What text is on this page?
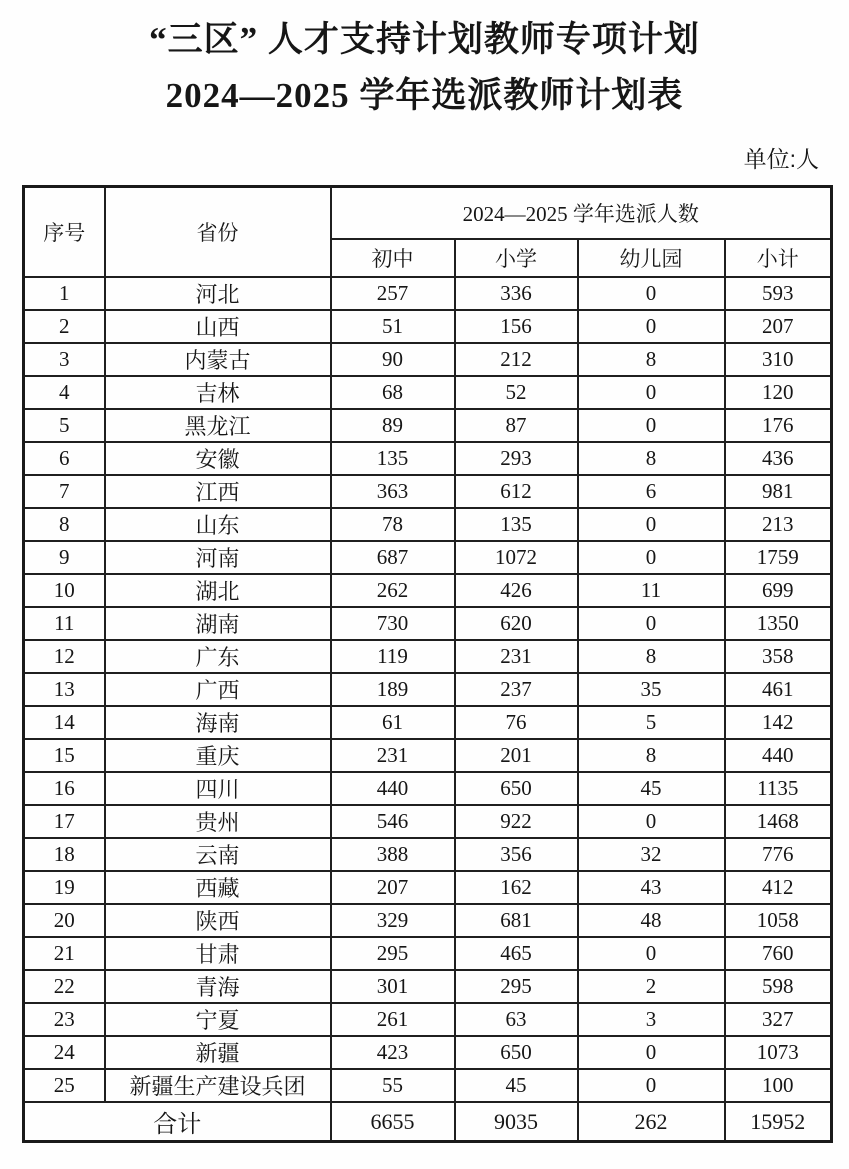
“三区” 人才支持计划教师专项计划
2024—2025 学年选派教师计划表
单位:人
序号	省份	2024—2025 学年选派人数			
		初中	小学	幼儿园	小计
1	河北	257	336	0	593
2	山西	51	156	0	207
3	内蒙古	90	212	8	310
4	吉林	68	52	0	120
5	黑龙江	89	87	0	176
6	安徽	135	293	8	436
7	江西	363	612	6	981
8	山东	78	135	0	213
9	河南	687	1072	0	1759
10	湖北	262	426	11	699
11	湖南	730	620	0	1350
12	广东	119	231	8	358
13	广西	189	237	35	461
14	海南	61	76	5	142
15	重庆	231	201	8	440
16	四川	440	650	45	1135
17	贵州	546	922	0	1468
18	云南	388	356	32	776
19	西藏	207	162	43	412
20	陕西	329	681	48	1058
21	甘肃	295	465	0	760
22	青海	301	295	2	598
23	宁夏	261	63	3	327
24	新疆	423	650	0	1073
25	新疆生产建设兵团	55	45	0	100
合计		6655	9035	262	15952
